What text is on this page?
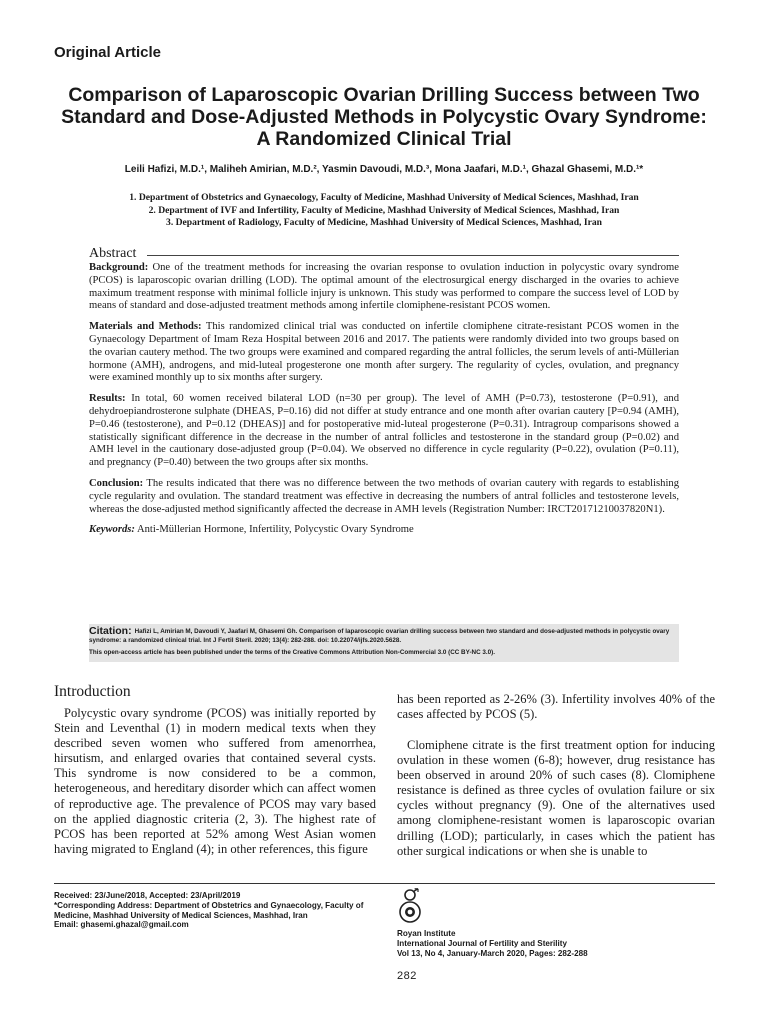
Original Article
Comparison of Laparoscopic Ovarian Drilling Success between Two
Standard and Dose-Adjusted Methods in Polycystic Ovary Syndrome:
A Randomized Clinical Trial
Leili Hafizi, M.D.¹, Maliheh Amirian, M.D.², Yasmin Davoudi, M.D.³, Mona Jaafari, M.D.¹, Ghazal Ghasemi, M.D.¹*
1. Department of Obstetrics and Gynaecology, Faculty of Medicine, Mashhad University of Medical Sciences, Mashhad, Iran
2. Department of IVF and Infertility, Faculty of Medicine, Mashhad University of Medical Sciences, Mashhad, Iran
3. Department of Radiology, Faculty of Medicine, Mashhad University of Medical Sciences, Mashhad, Iran
Abstract

Background: One of the treatment methods for increasing the ovarian response to ovulation induction in polycystic ovary syndrome (PCOS) is laparoscopic ovarian drilling (LOD). The optimal amount of the electrosurgical energy discharged in the ovaries to achieve maximum treatment response with minimal follicle injury is unknown. This study was performed to compare the success level of LOD by means of standard and dose-adjusted treatment methods among infertile clomiphene-resistant PCOS women.

Materials and Methods: This randomized clinical trial was conducted on infertile clomiphene citrate-resistant PCOS women in the Gynaecology Department of Imam Reza Hospital between 2016 and 2017. The patients were randomly divided into two groups based on the ovarian cautery method. The two groups were examined and compared regarding the antral follicles, the serum levels of anti-Müllerian hormone (AMH), androgens, and mid-luteal progesterone one month after surgery. The regularity of cycles, ovulation, and pregnancy were examined monthly up to six months after surgery.

Results: In total, 60 women received bilateral LOD (n=30 per group). The level of AMH (P=0.73), testosterone (P=0.91), and dehydroepiandrosterone sulphate (DHEAS, P=0.16) did not differ at study entrance and one month after ovarian cautery [P=0.94 (AMH), P=0.46 (testosterone), and P=0.12 (DHEAS)] and for postoperative mid-luteal progesterone (P=0.31). Intragroup comparisons showed a statistically significant difference in the decrease in the number of antral follicles and testosterone in the standard group (P=0.02) and AMH level in the cautionary dose-adjusted group (P=0.04). We observed no difference in cycle regularity (P=0.22), ovulation (P=0.11), and pregnancy (P=0.40) between the two groups after six months.

Conclusion: The results indicated that there was no difference between the two methods of ovarian cautery with regards to establishing cycle regularity and ovulation. The standard treatment was effective in decreasing the numbers of antral follicles and testosterone levels, whereas the dose-adjusted method significantly affected the decrease in AMH levels (Registration Number: IRCT20171210037820N1).

Keywords: Anti-Müllerian Hormone, Infertility, Polycystic Ovary Syndrome

Citation: Hafizi L, Amirian M, Davoudi Y, Jaafari M, Ghasemi Gh. Comparison of laparoscopic ovarian drilling success between two standard and dose-adjusted methods in polycystic ovary syndrome: a randomized clinical trial. Int J Fertil Steril. 2020; 13(4): 282-288. doi: 10.22074/ijfs.2020.5628.
This open-access article has been published under the terms of the Creative Commons Attribution Non-Commercial 3.0 (CC BY-NC 3.0).
Introduction
Polycystic ovary syndrome (PCOS) was initially reported by Stein and Leventhal (1) in modern medical texts when they described seven women who suffered from amenorrhea, hirsutism, and enlarged ovaries that contained several cysts. This syndrome is now considered to be a common, heterogeneous, and hereditary disorder which can affect women of reproductive age. The prevalence of PCOS may vary based on the applied diagnostic criteria (2, 3). The highest rate of PCOS has been reported at 52% among West Asian women having migrated to England (4); in other references, this figure
has been reported as 2-26% (3). Infertility involves 40% of the cases affected by PCOS (5).
Clomiphene citrate is the first treatment option for inducing ovulation in these women (6-8); however, drug resistance has been observed in around 20% of such cases (8). Clomiphene resistance is defined as three cycles of ovulation failure or six cycles without pregnancy (9). One of the alternatives used among clomiphene-resistant women is laparoscopic ovarian drilling (LOD); particularly, in cases which the patient has other surgical indications or when she is unable to
Received: 23/June/2018, Accepted: 23/April/2019
*Corresponding Address: Department of Obstetrics and Gynaecology, Faculty of Medicine, Mashhad University of Medical Sciences, Mashhad, Iran
Email: ghasemi.ghazal@gmail.com
Royan Institute
International Journal of Fertility and Sterility
Vol 13, No 4, January-March 2020, Pages: 282-288
282
